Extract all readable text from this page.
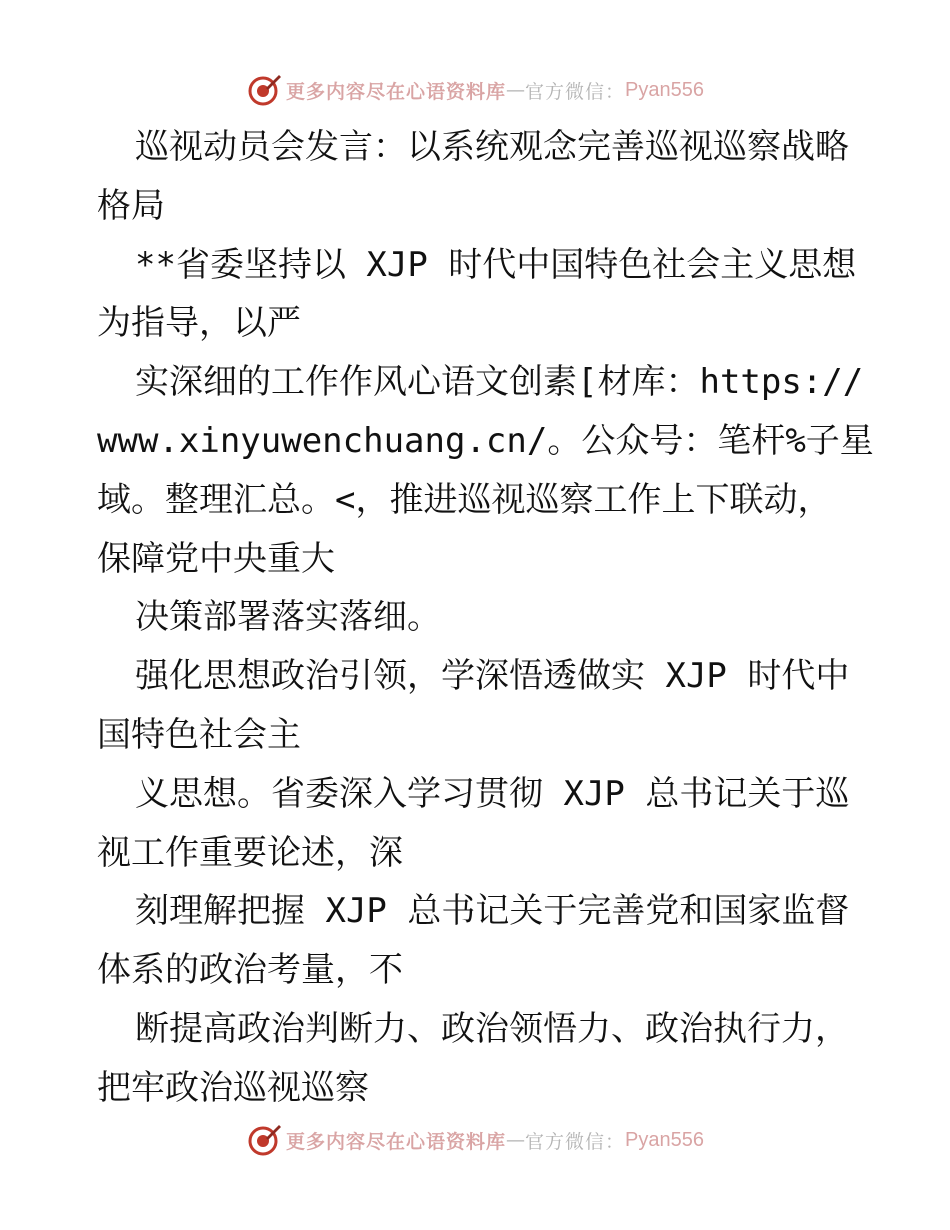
更多内容尽在心语资料库 — 官方微信： Pyan556
巡视动员会发言：以系统观念完善巡视巡察战略
格局
**省委坚持以 XJP 时代中国特色社会主义思想
为指导，以严
实深细的工作作风心语文创素[材库：https://
www.xinyuwenchuang.cn/。公众号：笔杆%子星
域。整理汇总。<，推进巡视巡察工作上下联动，
保障党中央重大
决策部署落实落细。
强化思想政治引领，学深悟透做实 XJP 时代中
国特色社会主
义思想。省委深入学习贯彻 XJP 总书记关于巡
视工作重要论述，深
刻理解把握 XJP 总书记关于完善党和国家监督
体系的政治考量，不
断提高政治判断力、政治领悟力、政治执行力，
把牢政治巡视巡察
更多内容尽在心语资料库 — 官方微信： Pyan556
